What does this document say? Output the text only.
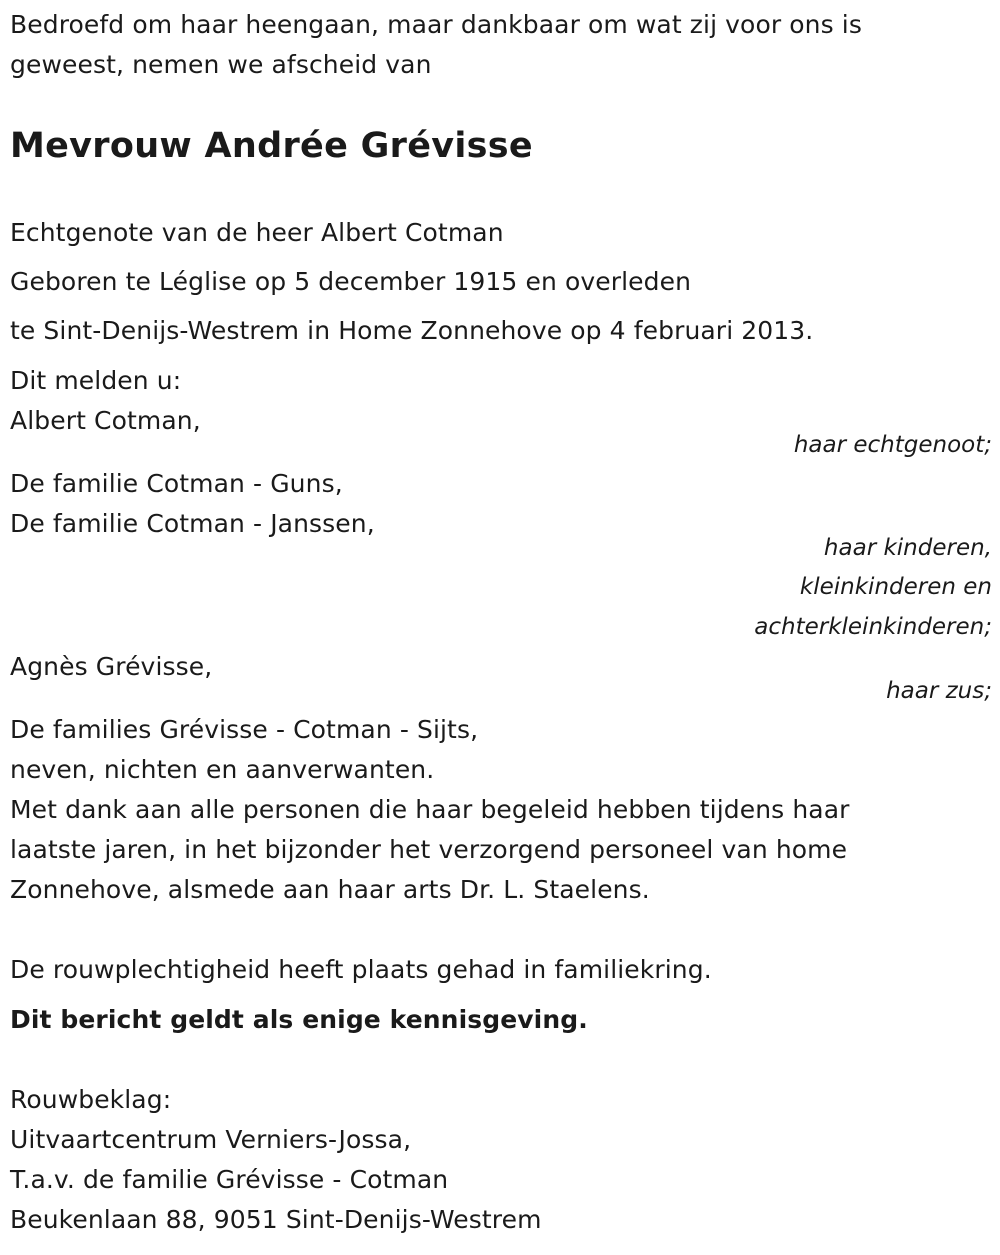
Bedroefd om haar heengaan, maar dankbaar om wat zij voor ons is
geweest, nemen we afscheid van
Mevrouw Andrée Grévisse
Echtgenote van de heer Albert Cotman
Geboren te Léglise op 5 december 1915 en overleden
te Sint-Denijs-Westrem in Home Zonnehove op 4 februari 2013.
Dit melden u:
Albert Cotman,
haar echtgenoot;
De familie Cotman - Guns,
De familie Cotman - Janssen,
haar kinderen,
kleinkinderen en
achterkleinkinderen;
Agnès Grévisse,
haar zus;
De families Grévisse - Cotman - Sijts,
neven, nichten en aanverwanten.
Met dank aan alle personen die haar begeleid hebben tijdens haar
laatste jaren, in het bijzonder het verzorgend personeel van home
Zonnehove, alsmede aan haar arts Dr. L. Staelens.
De rouwplechtigheid heeft plaats gehad in familiekring.
Dit bericht geldt als enige kennisgeving.
Rouwbeklag:
Uitvaartcentrum Verniers-Jossa,
T.a.v. de familie Grévisse - Cotman
Beukenlaan 88, 9051 Sint-Denijs-Westrem
